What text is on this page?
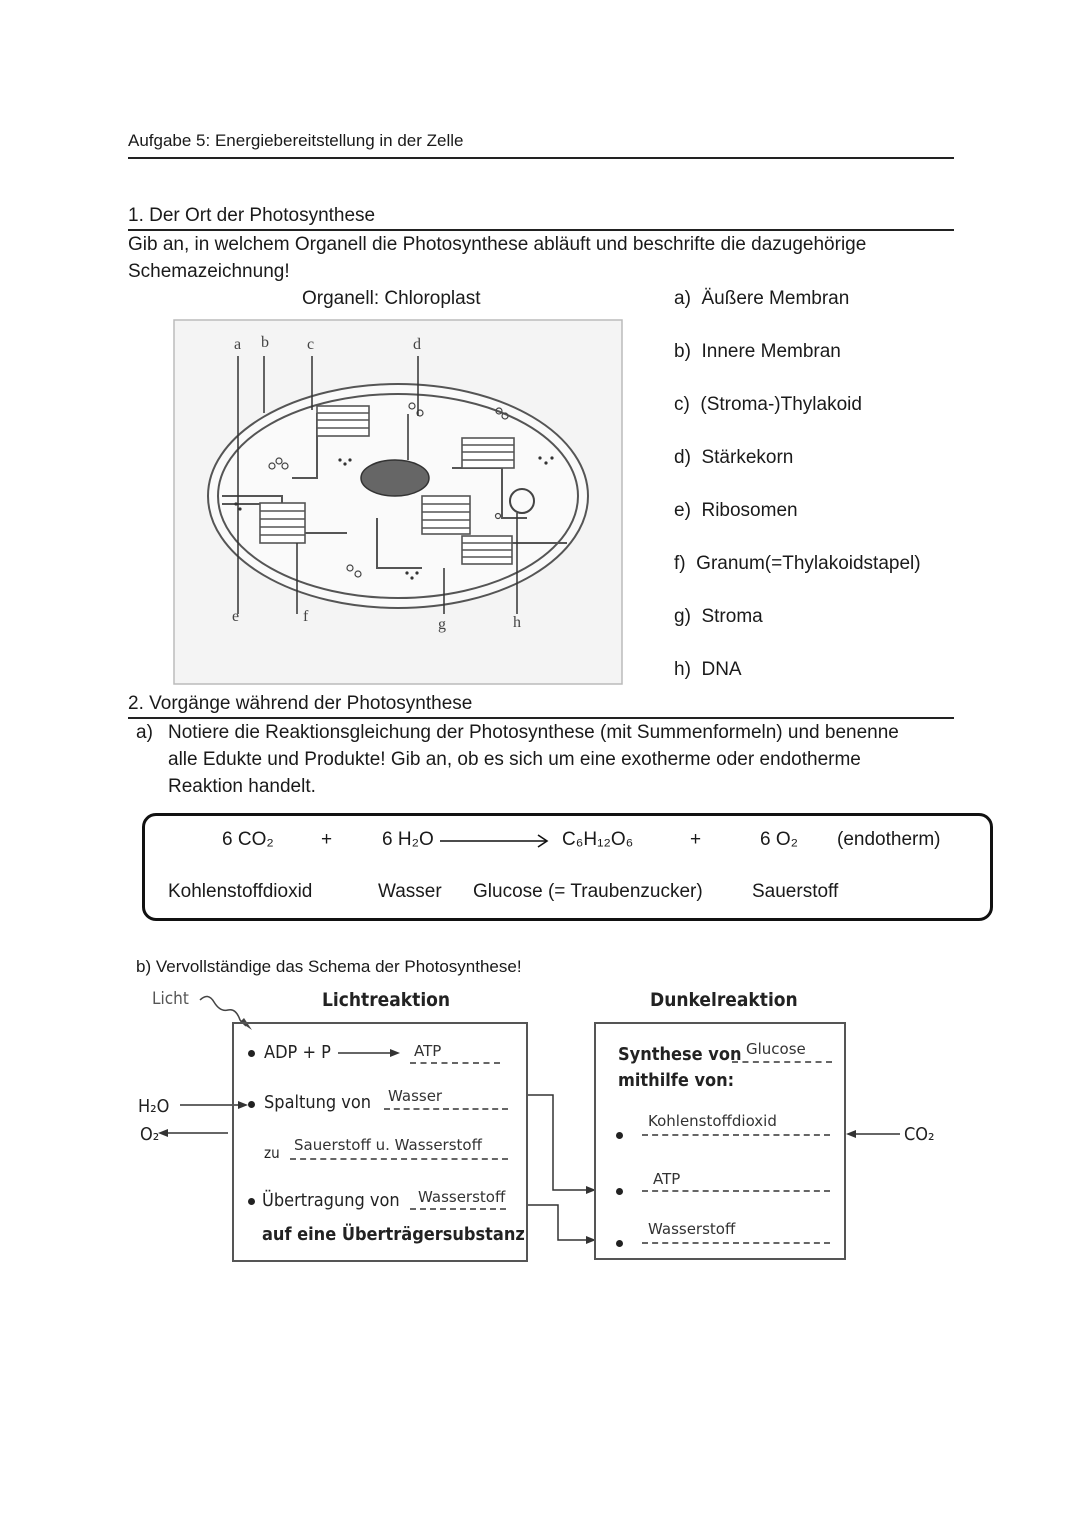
Aufgabe 5: Energiebereitstellung in der Zelle
1. Der Ort der Photosynthese
Gib an, in welchem Organell die Photosynthese abläuft und beschrifte die dazugehörige
Schemazeichnung!
Organell: Chloroplast
a b c	d
e	f	g	h
a) Äußere Membran
b) Innere Membran
c) (Stroma-)Thylakoid
d) Stärkekorn
e) Ribosomen
f) Granum(=Thylakoidstapel)
g) Stroma
h) DNA
2. Vorgänge während der Photosynthese
a) Notiere die Reaktionsgleichung der Photosynthese (mit Summenformeln) und benenne
alle Edukte und Produkte! Gib an, ob es sich um eine exotherme oder endotherme
Reaktion handelt.
6 CO₂ +	6 H₂O	C₆H₁₂O₆	+	6 O₂ (endotherm)
Kohlenstoffdioxid	Wasser Glucose (= Traubenzucker)	Sauerstoff
b) Vervollständige das Schema der Photosynthese!
Licht	Lichtreaktion	Dunkelreaktion
H₂O
O₂	CO₂
ADP + P	ATP
Spaltung von Wasser
zu Sauerstoff u. Wasserstoff
Übertragung von Wasserstoff
auf eine Überträgersubstanz
Synthese von Glucose
mithilfe von:
Kohlenstoffdioxid
ATP
Wasserstoff
